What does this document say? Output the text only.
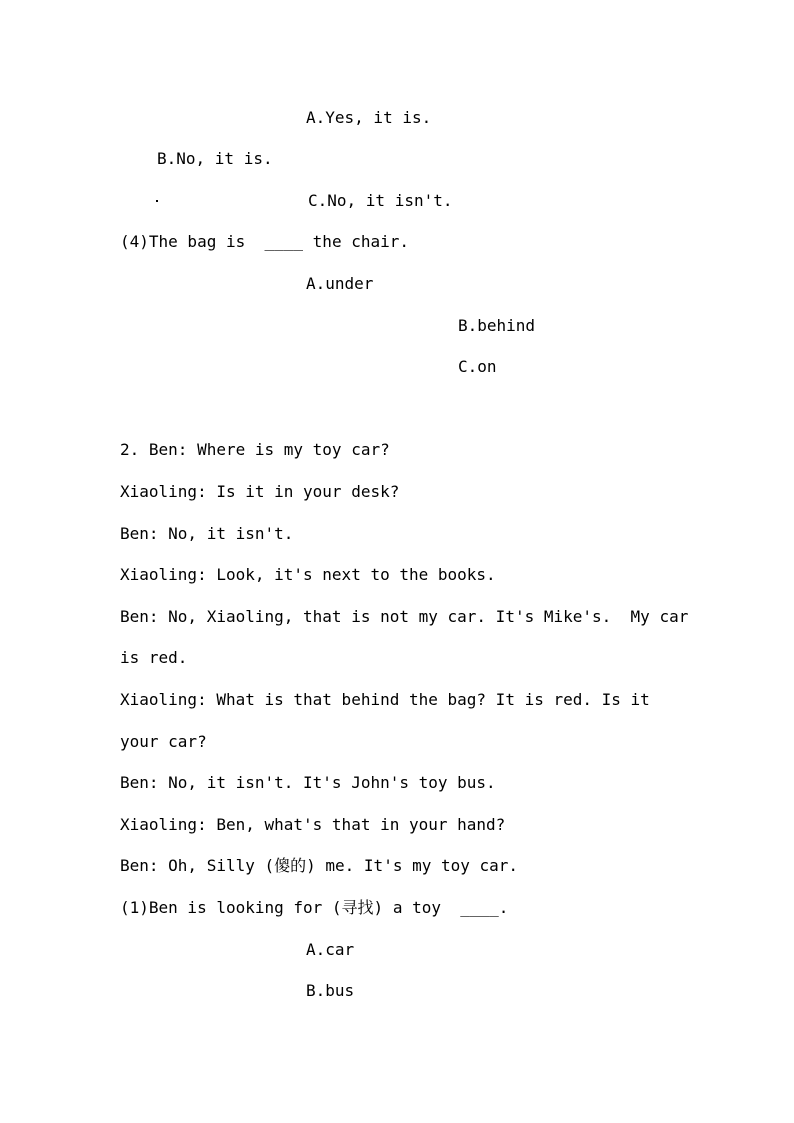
A.Yes, it is.
B.No, it is.
C.No, it isn't.
(4)The bag is ____ the chair.
A.under
B.behind
C.on
2. Ben: Where is my toy car?
Xiaoling: Is it in your desk?
Ben: No, it isn't.
Xiaoling: Look, it's next to the books.
Ben: No, Xiaoling, that is not my car. It's Mike's.  My car
is red.
Xiaoling: What is that behind the bag? It is red. Is it
your car?
Ben: No, it isn't. It's John's toy bus.
Xiaoling: Ben, what's that in your hand?
Ben: Oh, Silly (傻的) me. It's my toy car.
(1)Ben is looking for (寻找) a toy ____.
A.car
B.bus
